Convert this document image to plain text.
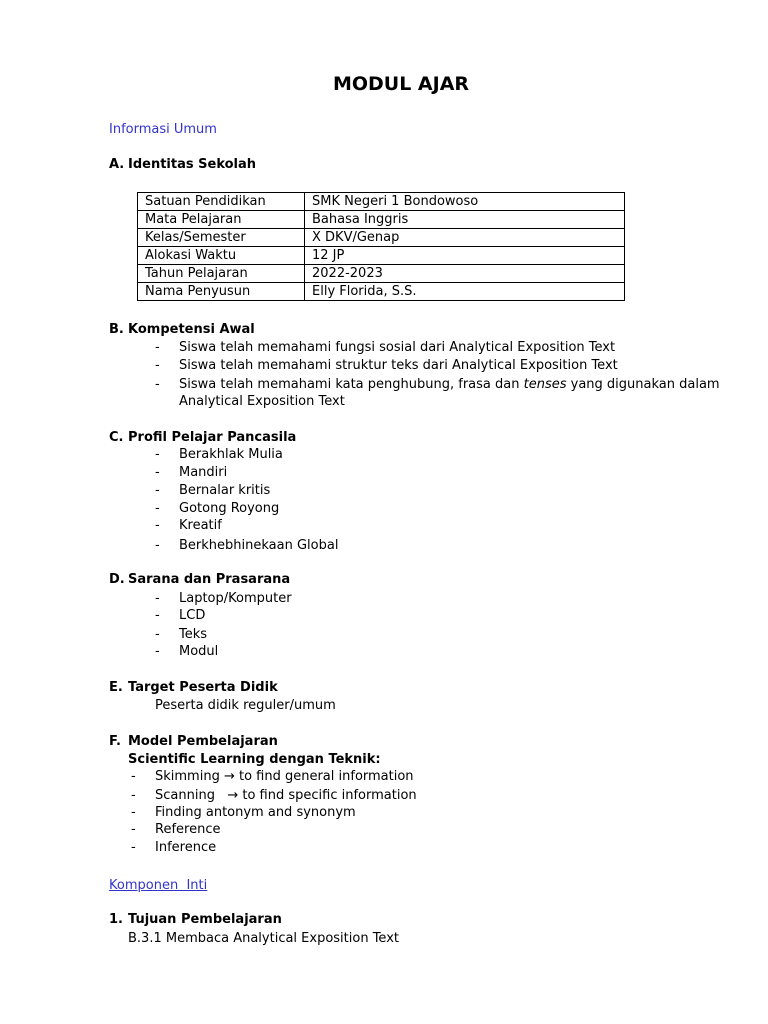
MODUL AJAR
Informasi Umum
A. Identitas Sekolah
Satuan Pendidikan	SMK Negeri 1 Bondowoso
Mata Pelajaran	Bahasa Inggris
Kelas/Semester	X DKV/Genap
Alokasi Waktu	12 JP
Tahun Pelajaran	2022-2023
Nama Penyusun	Elly Florida, S.S.
B. Kompetensi Awal
- Siswa telah memahami fungsi sosial dari Analytical Exposition Text
- Siswa telah memahami struktur teks dari Analytical Exposition Text
- Siswa telah memahami kata penghubung, frasa dan tenses yang digunakan dalam
Analytical Exposition Text
C. Profil Pelajar Pancasila
- Berakhlak Mulia
- Mandiri
- Bernalar kritis
- Gotong Royong
- Kreatif
- Berkhebhinekaan Global
D. Sarana dan Prasarana
- Laptop/Komputer
- LCD
- Teks
- Modul
E. Target Peserta Didik
Peserta didik reguler/umum
F. Model Pembelajaran
Scientific Learning dengan Teknik:
- Skimming → to find general information
- Scanning   → to find specific information
- Finding antonym and synonym
- Reference
- Inference
Komponen  Inti
1. Tujuan Pembelajaran
B.3.1 Membaca Analytical Exposition Text
